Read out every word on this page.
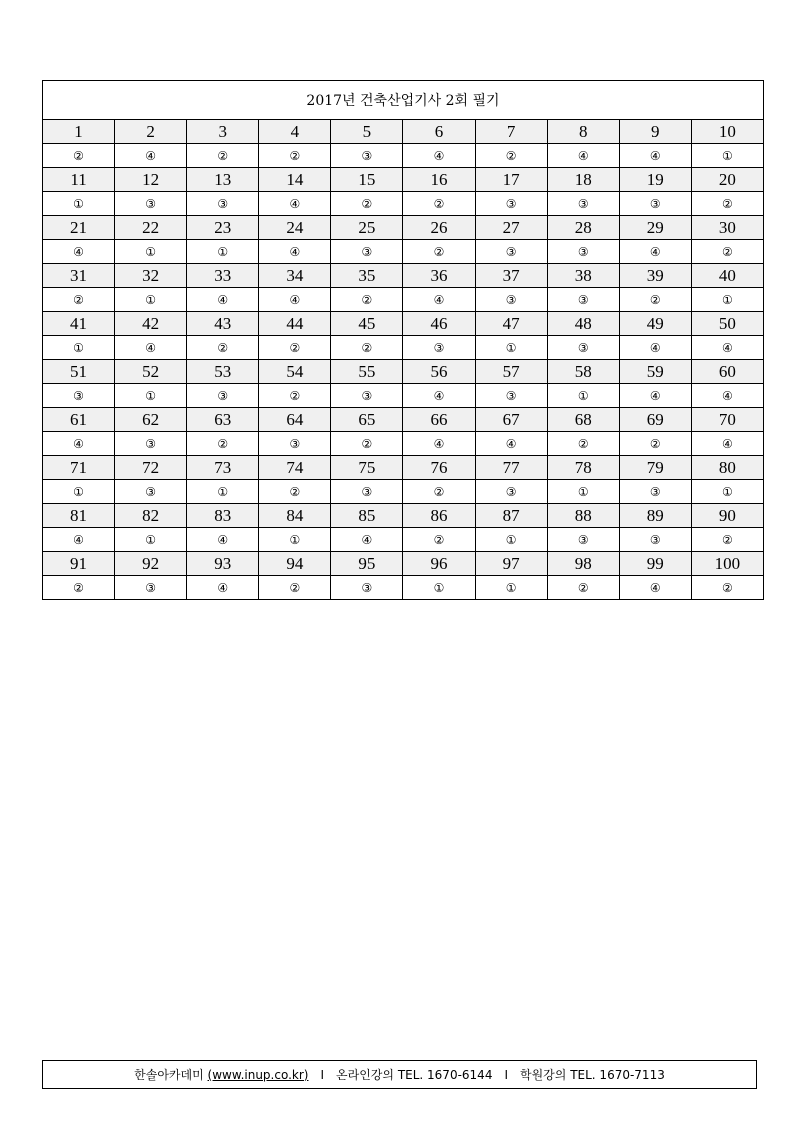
2017년 건축산업기사 2회 필기									
1	2	3	4	5	6	7	8	9	10
②	④	②	②	③	④	②	④	④	①
11	12	13	14	15	16	17	18	19	20
①	③	③	④	②	②	③	③	③	②
21	22	23	24	25	26	27	28	29	30
④	①	①	④	③	②	③	③	④	②
31	32	33	34	35	36	37	38	39	40
②	①	④	④	②	④	③	③	②	①
41	42	43	44	45	46	47	48	49	50
①	④	②	②	②	③	①	③	④	④
51	52	53	54	55	56	57	58	59	60
③	①	③	②	③	④	③	①	④	④
61	62	63	64	65	66	67	68	69	70
④	③	②	③	②	④	④	②	②	④
71	72	73	74	75	76	77	78	79	80
①	③	①	②	③	②	③	①	③	①
81	82	83	84	85	86	87	88	89	90
④	①	④	①	④	②	①	③	③	②
91	92	93	94	95	96	97	98	99	100
②	③	④	②	③	①	①	②	④	②
한솔아카데미
(www.inup.co.kr) I 온라인강의
TEL. 1670-6144 I 학원강의
TEL. 1670-7113
